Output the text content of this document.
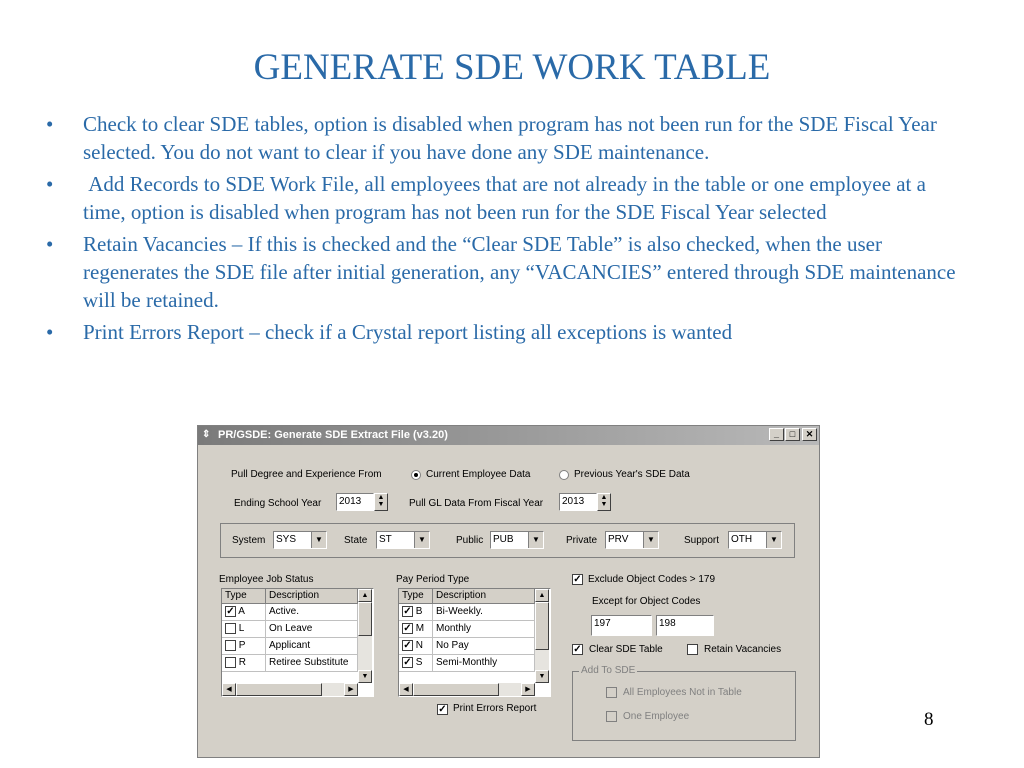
GENERATE SDE WORK TABLE
• Check to clear SDE tables, option is disabled when program has not been run for the SDE Fiscal Year selected. You do not want to clear if you have done any SDE maintenance.
• Add Records to SDE Work File, all employees that are not already in the table or one employee at a time, option is disabled when program has not been run for the SDE Fiscal Year selected
• Retain Vacancies – If this is checked and the “Clear SDE Table” is also checked, when the user regenerates the SDE file after initial generation, any “VACANCIES” entered through SDE maintenance will be retained.
• Print Errors Report – check if a Crystal report listing all exceptions is wanted
8
⇕ PR/GSDE: Generate SDE Extract File (v3.20)	_	□	✕
Pull Degree and Experience From	Current Employee Data	Previous Year's SDE Data
Ending School Year	2013	▲
▼	Pull GL Data From Fiscal Year	2013	▲
▼
System SYS	▼	State ST	▼	Public PUB	▼	Private PRV	▼	Support OTH	▼
Employee Job Status
Type	Description
✓ A	Active.
L	On Leave
P	Applicant
R	Retiree Substitute
▲
▼
◀	▶
Pay Period Type
Type	Description
✓ B	Bi-Weekly.
✓ M	Monthly
✓ N	No Pay
✓ S	Semi-Monthly
▲
▼
◀	▶
✓ Print Errors Report
✓ Exclude Object Codes > 179
Except for Object Codes
197	198
✓ Clear SDE Table	Retain Vacancies
Add To SDE
All Employees Not in Table
One Employee
